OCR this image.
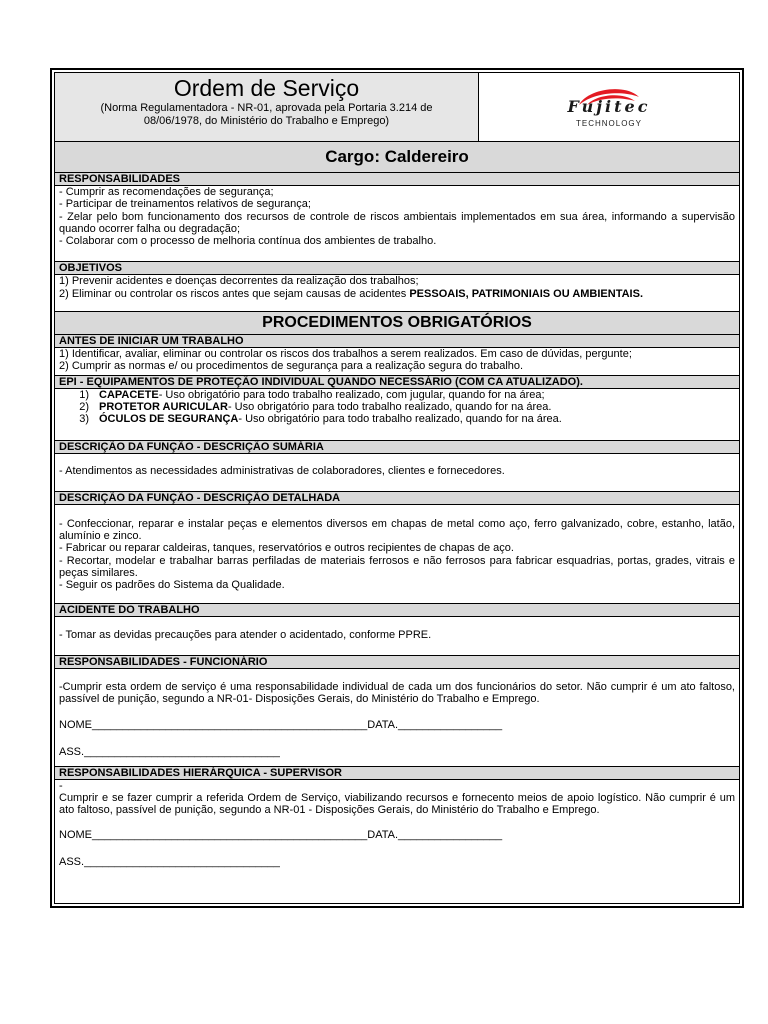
Ordem de Serviço
(Norma Regulamentadora - NR-01, aprovada pela Portaria 3.214 de 08/06/1978, do Ministério do Trabalho e Emprego)
Fujitec
TECHNOLOGY
Cargo: Caldereiro
RESPONSABILIDADES
- Cumprir as recomendações de segurança;
- Participar de treinamentos relativos de segurança;
- Zelar pelo bom funcionamento dos recursos de controle de riscos ambientais implementados em sua área, informando a supervisão quando ocorrer falha ou degradação;
- Colaborar com o processo de melhoria contínua dos ambientes de trabalho.
OBJETIVOS
1) Prevenir acidentes e doenças decorrentes da realização dos trabalhos;
2) Eliminar ou controlar os riscos antes que sejam causas de acidentes PESSOAIS, PATRIMONIAIS OU AMBIENTAIS.
PROCEDIMENTOS OBRIGATÓRIOS
ANTES DE INICIAR UM TRABALHO
1) Identificar, avaliar, eliminar ou controlar os riscos dos trabalhos a serem realizados. Em caso de dúvidas, pergunte;
2) Cumprir as normas e/ ou procedimentos de segurança para a realização segura do trabalho.
EPI - EQUIPAMENTOS DE PROTEÇÃO INDIVIDUAL QUANDO NECESSÁRIO (COM CA ATUALIZADO).
1) CAPACETE - Uso obrigatório para todo trabalho realizado, com jugular, quando for na área;
2) PROTETOR AURICULAR - Uso obrigatório para todo trabalho realizado, quando for na área.
3) ÓCULOS DE SEGURANÇA - Uso obrigatório para todo trabalho realizado, quando for na área.
DESCRIÇÃO DA FUNÇÃO - DESCRIÇÃO SUMÁRIA
- Atendimentos as necessidades administrativas de colaboradores, clientes e fornecedores.
DESCRIÇÃO DA FUNÇÃO - DESCRIÇÃO DETALHADA
- Confeccionar, reparar e instalar peças e elementos diversos em chapas de metal como aço, ferro galvanizado, cobre, estanho, latão, alumínio e zinco.
- Fabricar ou reparar caldeiras, tanques, reservatórios e outros recipientes de chapas de aço.
- Recortar, modelar e trabalhar barras perfiladas de materiais ferrosos e não ferrosos para fabricar esquadrias, portas, grades, vitrais e peças similares.
- Seguir os padrões do Sistema da Qualidade.
ACIDENTE DO TRABALHO
- Tomar as devidas precauções para atender o acidentado, conforme PPRE.
RESPONSABILIDADES - FUNCIONÁRIO
-Cumprir esta ordem de serviço é uma responsabilidade individual de cada um dos funcionários do setor. Não cumprir é um ato faltoso, passível de punição, segundo a NR-01- Disposições Gerais, do Ministério do Trabalho e Emprego.
NOME_____________________________________________DATA._________________
ASS.________________________________
RESPONSABILIDADES HIERÁRQUICA - SUPERVISOR
-
Cumprir e se fazer cumprir a referida Ordem de Serviço, viabilizando recursos e fornecento meios de apoio logístico. Não cumprir é um ato faltoso, passível de punição, segundo a NR-01 - Disposições Gerais, do Ministério do Trabalho e Emprego.
NOME_____________________________________________DATA._________________
ASS.________________________________
